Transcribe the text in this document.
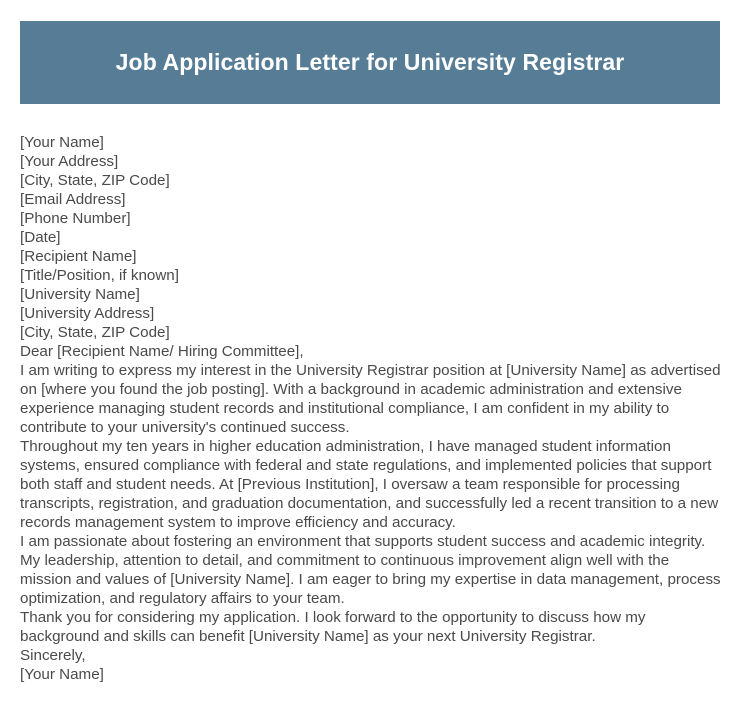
Job Application Letter for University Registrar
[Your Name]
[Your Address]
[City, State, ZIP Code]
[Email Address]
[Phone Number]
[Date]
[Recipient Name]
[Title/Position, if known]
[University Name]
[University Address]
[City, State, ZIP Code]
Dear [Recipient Name/ Hiring Committee],

I am writing to express my interest in the University Registrar position at [University Name] as advertised on [where you found the job posting]. With a background in academic administration and extensive experience managing student records and institutional compliance, I am confident in my ability to contribute to your university's continued success.

Throughout my ten years in higher education administration, I have managed student information systems, ensured compliance with federal and state regulations, and implemented policies that support both staff and student needs. At [Previous Institution], I oversaw a team responsible for processing transcripts, registration, and graduation documentation, and successfully led a recent transition to a new records management system to improve efficiency and accuracy.

I am passionate about fostering an environment that supports student success and academic integrity. My leadership, attention to detail, and commitment to continuous improvement align well with the mission and values of [University Name]. I am eager to bring my expertise in data management, process optimization, and regulatory affairs to your team.

Thank you for considering my application. I look forward to the opportunity to discuss how my background and skills can benefit [University Name] as your next University Registrar.

Sincerely,
[Your Name]
